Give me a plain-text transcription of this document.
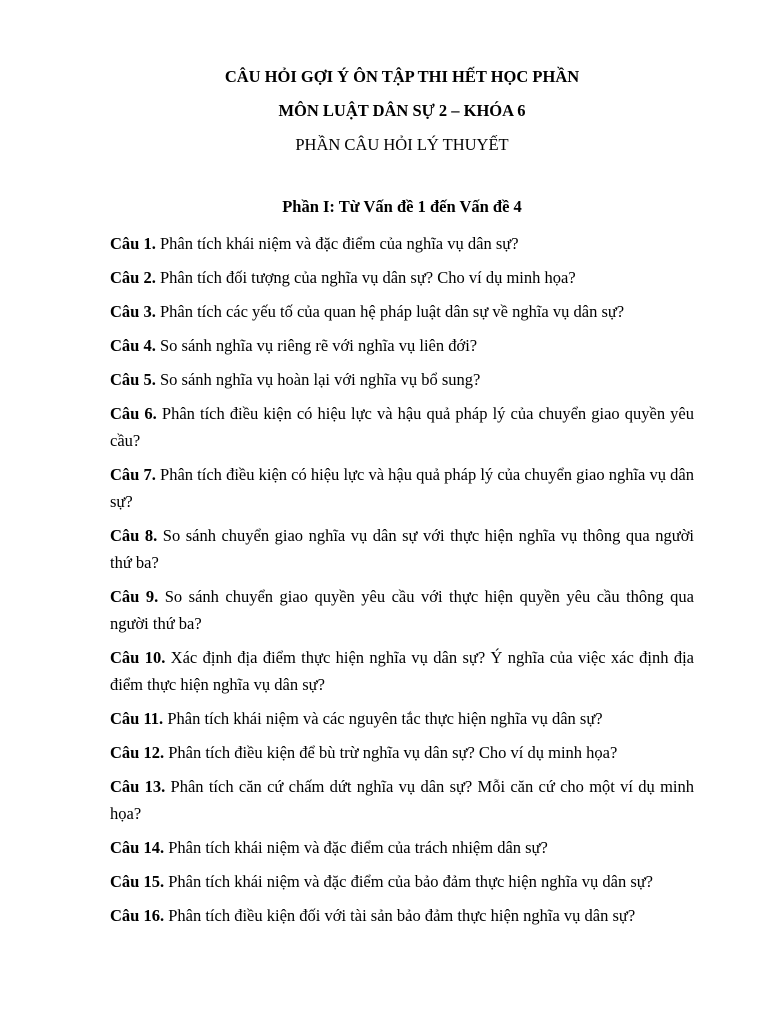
CÂU HỎI GỢI Ý ÔN TẬP THI HẾT HỌC PHẦN
MÔN LUẬT DÂN SỰ 2 – KHÓA 6
PHẦN CÂU HỎI LÝ THUYẾT
Phần I: Từ Vấn đề 1 đến Vấn đề 4

Câu 1. Phân tích khái niệm và đặc điểm của nghĩa vụ dân sự?

Câu 2. Phân tích đối tượng của nghĩa vụ dân sự? Cho ví dụ minh họa?

Câu 3. Phân tích các yếu tố của quan hệ pháp luật dân sự về nghĩa vụ dân sự?

Câu 4. So sánh nghĩa vụ riêng rẽ với nghĩa vụ liên đới?

Câu 5. So sánh nghĩa vụ hoàn lại với nghĩa vụ bổ sung?

Câu 6. Phân tích điều kiện có hiệu lực và hậu quả pháp lý của chuyển giao quyền yêu cầu?

Câu 7. Phân tích điều kiện có hiệu lực và hậu quả pháp lý của chuyển giao nghĩa vụ dân sự?

Câu 8. So sánh chuyển giao nghĩa vụ dân sự với thực hiện nghĩa vụ thông qua người thứ ba?

Câu 9. So sánh chuyển giao quyền yêu cầu với thực hiện quyền yêu cầu thông qua người thứ ba?

Câu 10. Xác định địa điểm thực hiện nghĩa vụ dân sự? Ý nghĩa của việc xác định địa điểm thực hiện nghĩa vụ dân sự?

Câu 11. Phân tích khái niệm và các nguyên tắc thực hiện nghĩa vụ dân sự?

Câu 12. Phân tích điều kiện để bù trừ nghĩa vụ dân sự? Cho ví dụ minh họa?

Câu 13. Phân tích căn cứ chấm dứt nghĩa vụ dân sự? Mỗi căn cứ cho một ví dụ minh họa?

Câu 14. Phân tích khái niệm và đặc điểm của trách nhiệm dân sự?

Câu 15. Phân tích khái niệm và đặc điểm của bảo đảm thực hiện nghĩa vụ dân sự?

Câu 16. Phân tích điều kiện đối với tài sản bảo đảm thực hiện nghĩa vụ dân sự?
